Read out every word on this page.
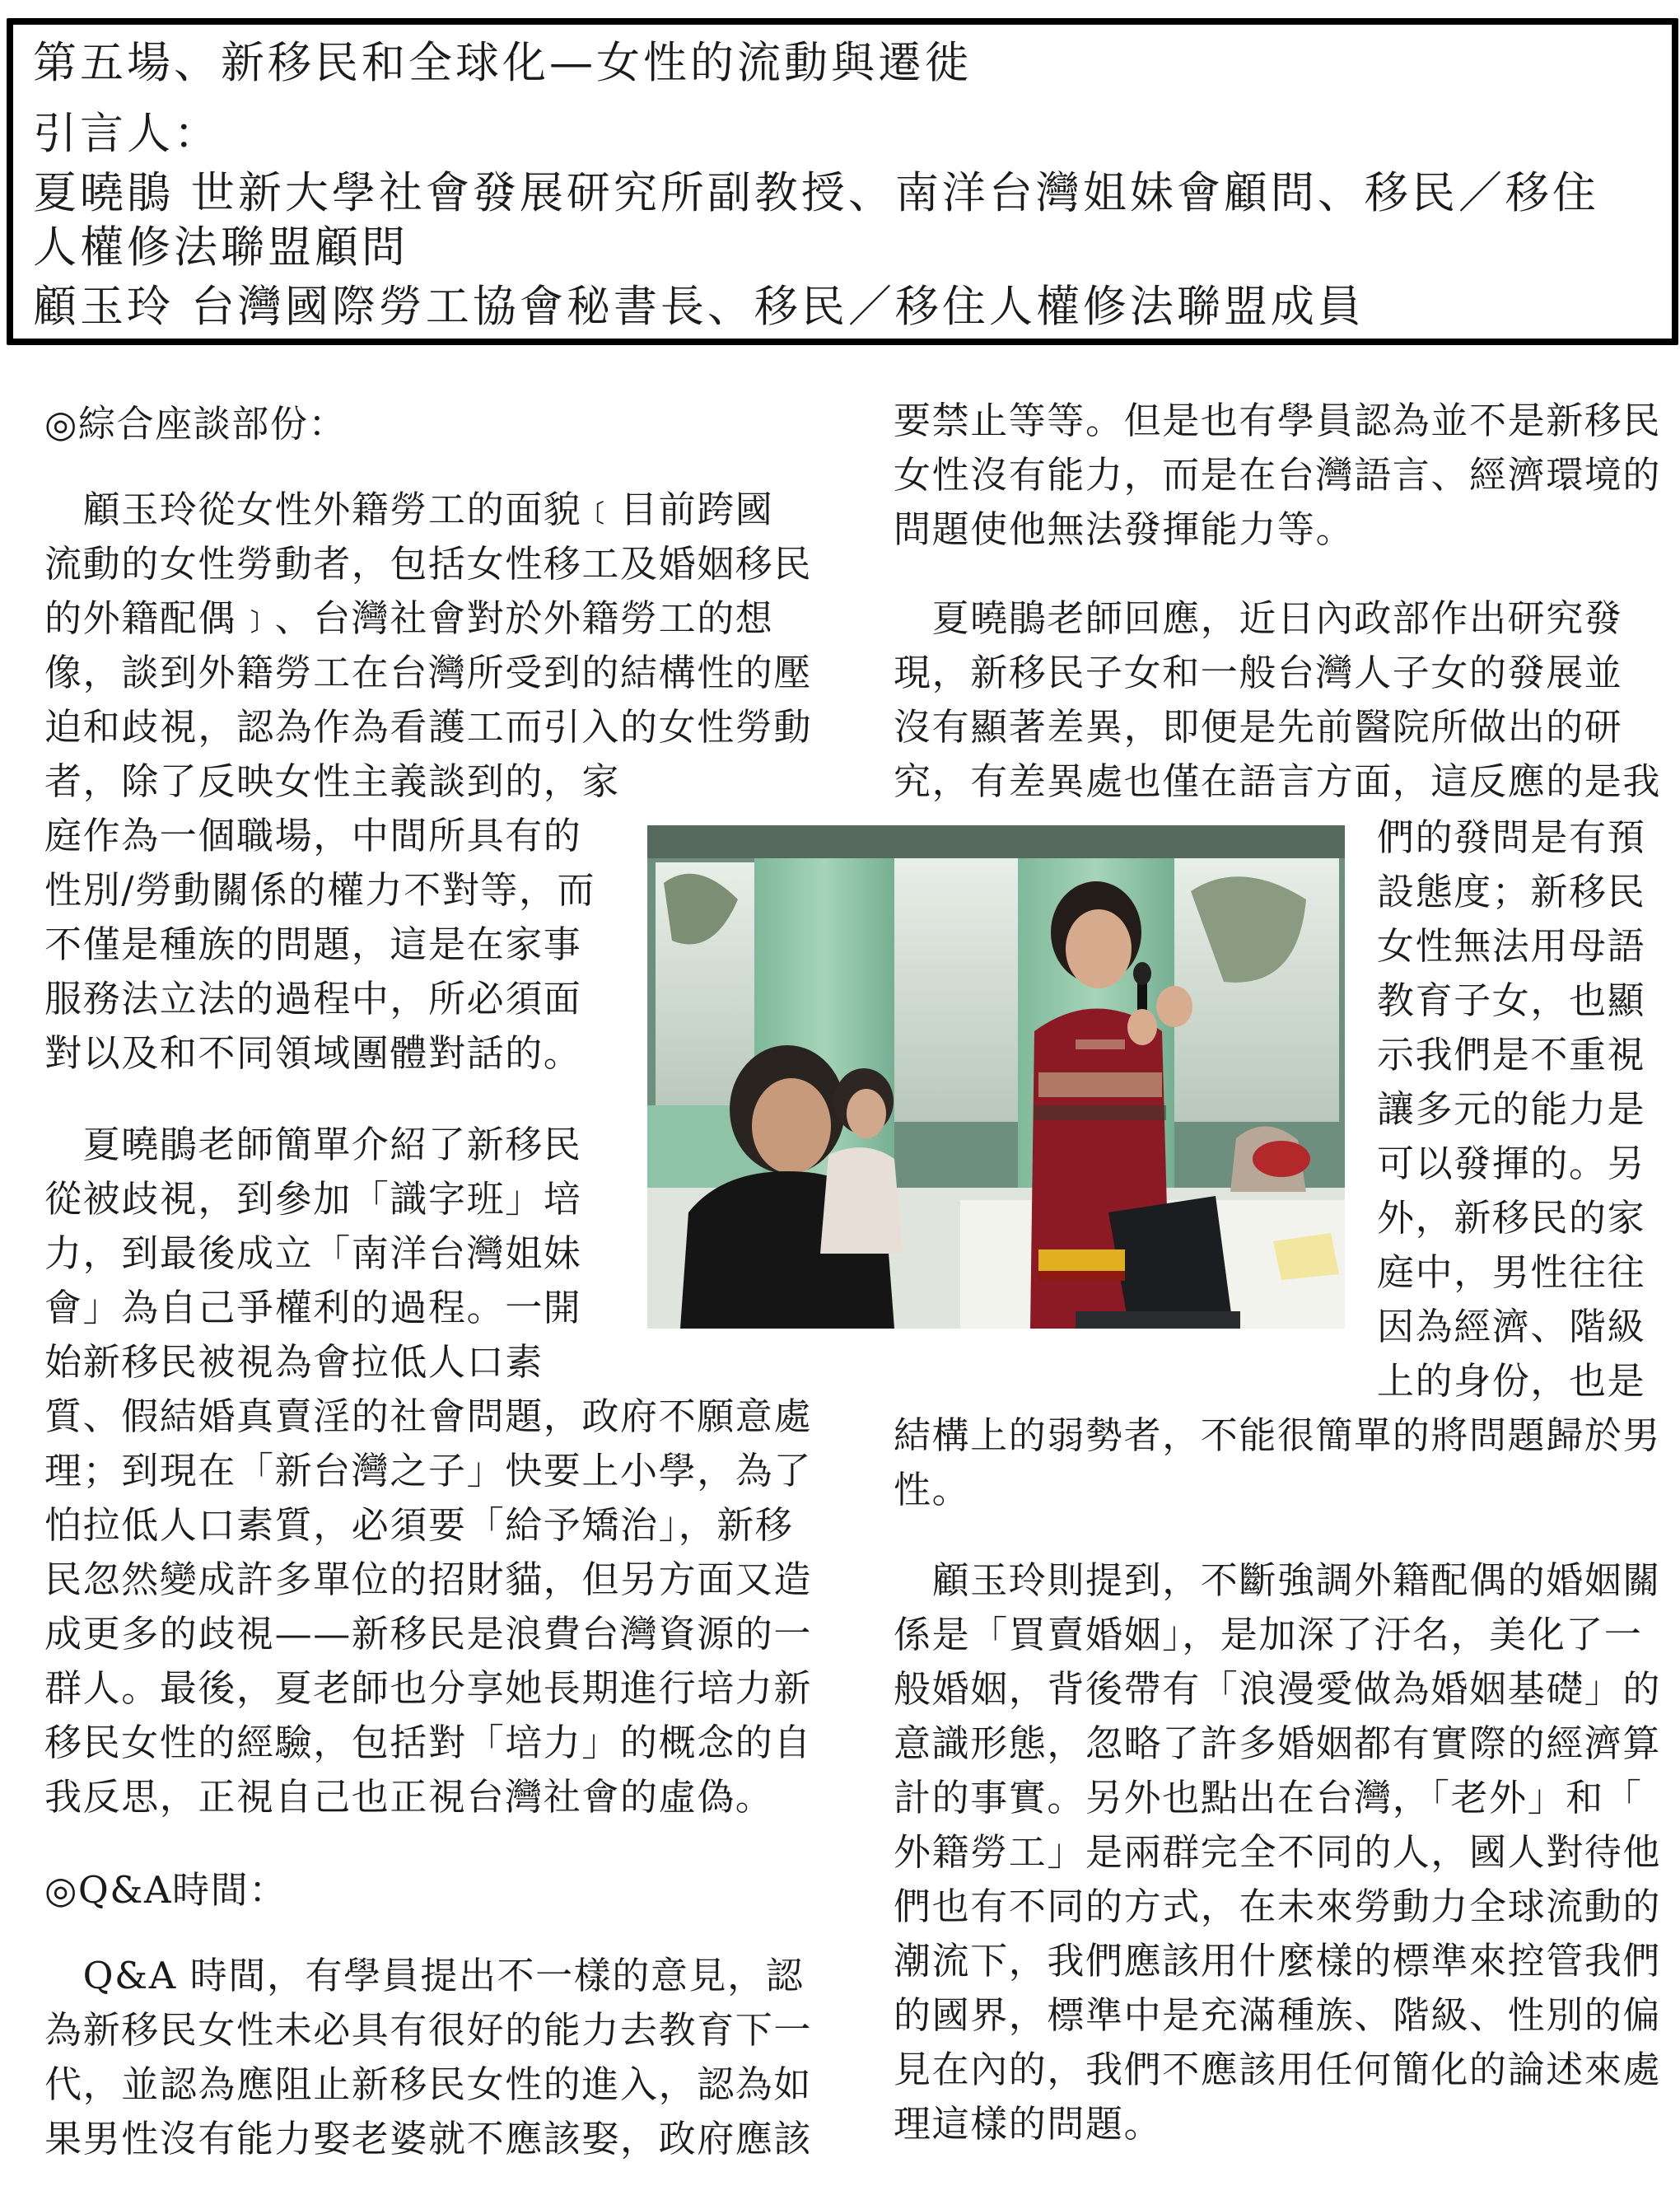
第五場、新移民和全球化—女性的流動與遷徙
引言人：
夏曉鵑 世新大學社會發展研究所副教授、南洋台灣姐妹會顧問、移民／移住
人權修法聯盟顧問
顧玉玲 台灣國際勞工協會秘書長、移民／移住人權修法聯盟成員
◎綜合座談部份：
　顧玉玲從女性外籍勞工的面貌﹝目前跨國
流動的女性勞動者，包括女性移工及婚姻移民
的外籍配偶﹞、台灣社會對於外籍勞工的想
像，談到外籍勞工在台灣所受到的結構性的壓
迫和歧視，認為作為看護工而引入的女性勞動
者，除了反映女性主義談到的，家
庭作為一個職場，中間所具有的
性別/勞動關係的權力不對等，而
不僅是種族的問題，這是在家事
服務法立法的過程中，所必須面
對以及和不同領域團體對話的。
　夏曉鵑老師簡單介紹了新移民
從被歧視，到參加「識字班」培
力，到最後成立「南洋台灣姐妹
會」為自己爭權利的過程。一開
始新移民被視為會拉低人口素
質、假結婚真賣淫的社會問題，政府不願意處
理；到現在「新台灣之子」快要上小學，為了
怕拉低人口素質，必須要「給予矯治」，新移
民忽然變成許多單位的招財貓，但另方面又造
成更多的歧視——新移民是浪費台灣資源的一
群人。最後，夏老師也分享她長期進行培力新
移民女性的經驗，包括對「培力」的概念的自
我反思，正視自己也正視台灣社會的虛偽。
◎Q&A時間：
　Q&A 時間，有學員提出不一樣的意見，認
為新移民女性未必具有很好的能力去教育下一
代，並認為應阻止新移民女性的進入，認為如
果男性沒有能力娶老婆就不應該娶，政府應該
要禁止等等。但是也有學員認為並不是新移民
女性沒有能力，而是在台灣語言、經濟環境的
問題使他無法發揮能力等。
　夏曉鵑老師回應，近日內政部作出研究發
現，新移民子女和一般台灣人子女的發展並
沒有顯著差異，即便是先前醫院所做出的研
究，有差異處也僅在語言方面，這反應的是我
們的發問是有預
設態度；新移民
女性無法用母語
教育子女，也顯
示我們是不重視
讓多元的能力是
可以發揮的。另
外，新移民的家
庭中，男性往往
因為經濟、階級
上的身份，也是
結構上的弱勢者，不能很簡單的將問題歸於男
性。
　顧玉玲則提到，不斷強調外籍配偶的婚姻關
係是「買賣婚姻」，是加深了汙名，美化了一
般婚姻，背後帶有「浪漫愛做為婚姻基礎」的
意識形態，忽略了許多婚姻都有實際的經濟算
計的事實。另外也點出在台灣，「老外」和「
外籍勞工」是兩群完全不同的人，國人對待他
們也有不同的方式，在未來勞動力全球流動的
潮流下，我們應該用什麼樣的標準來控管我們
的國界，標準中是充滿種族、階級、性別的偏
見在內的，我們不應該用任何簡化的論述來處
理這樣的問題。
